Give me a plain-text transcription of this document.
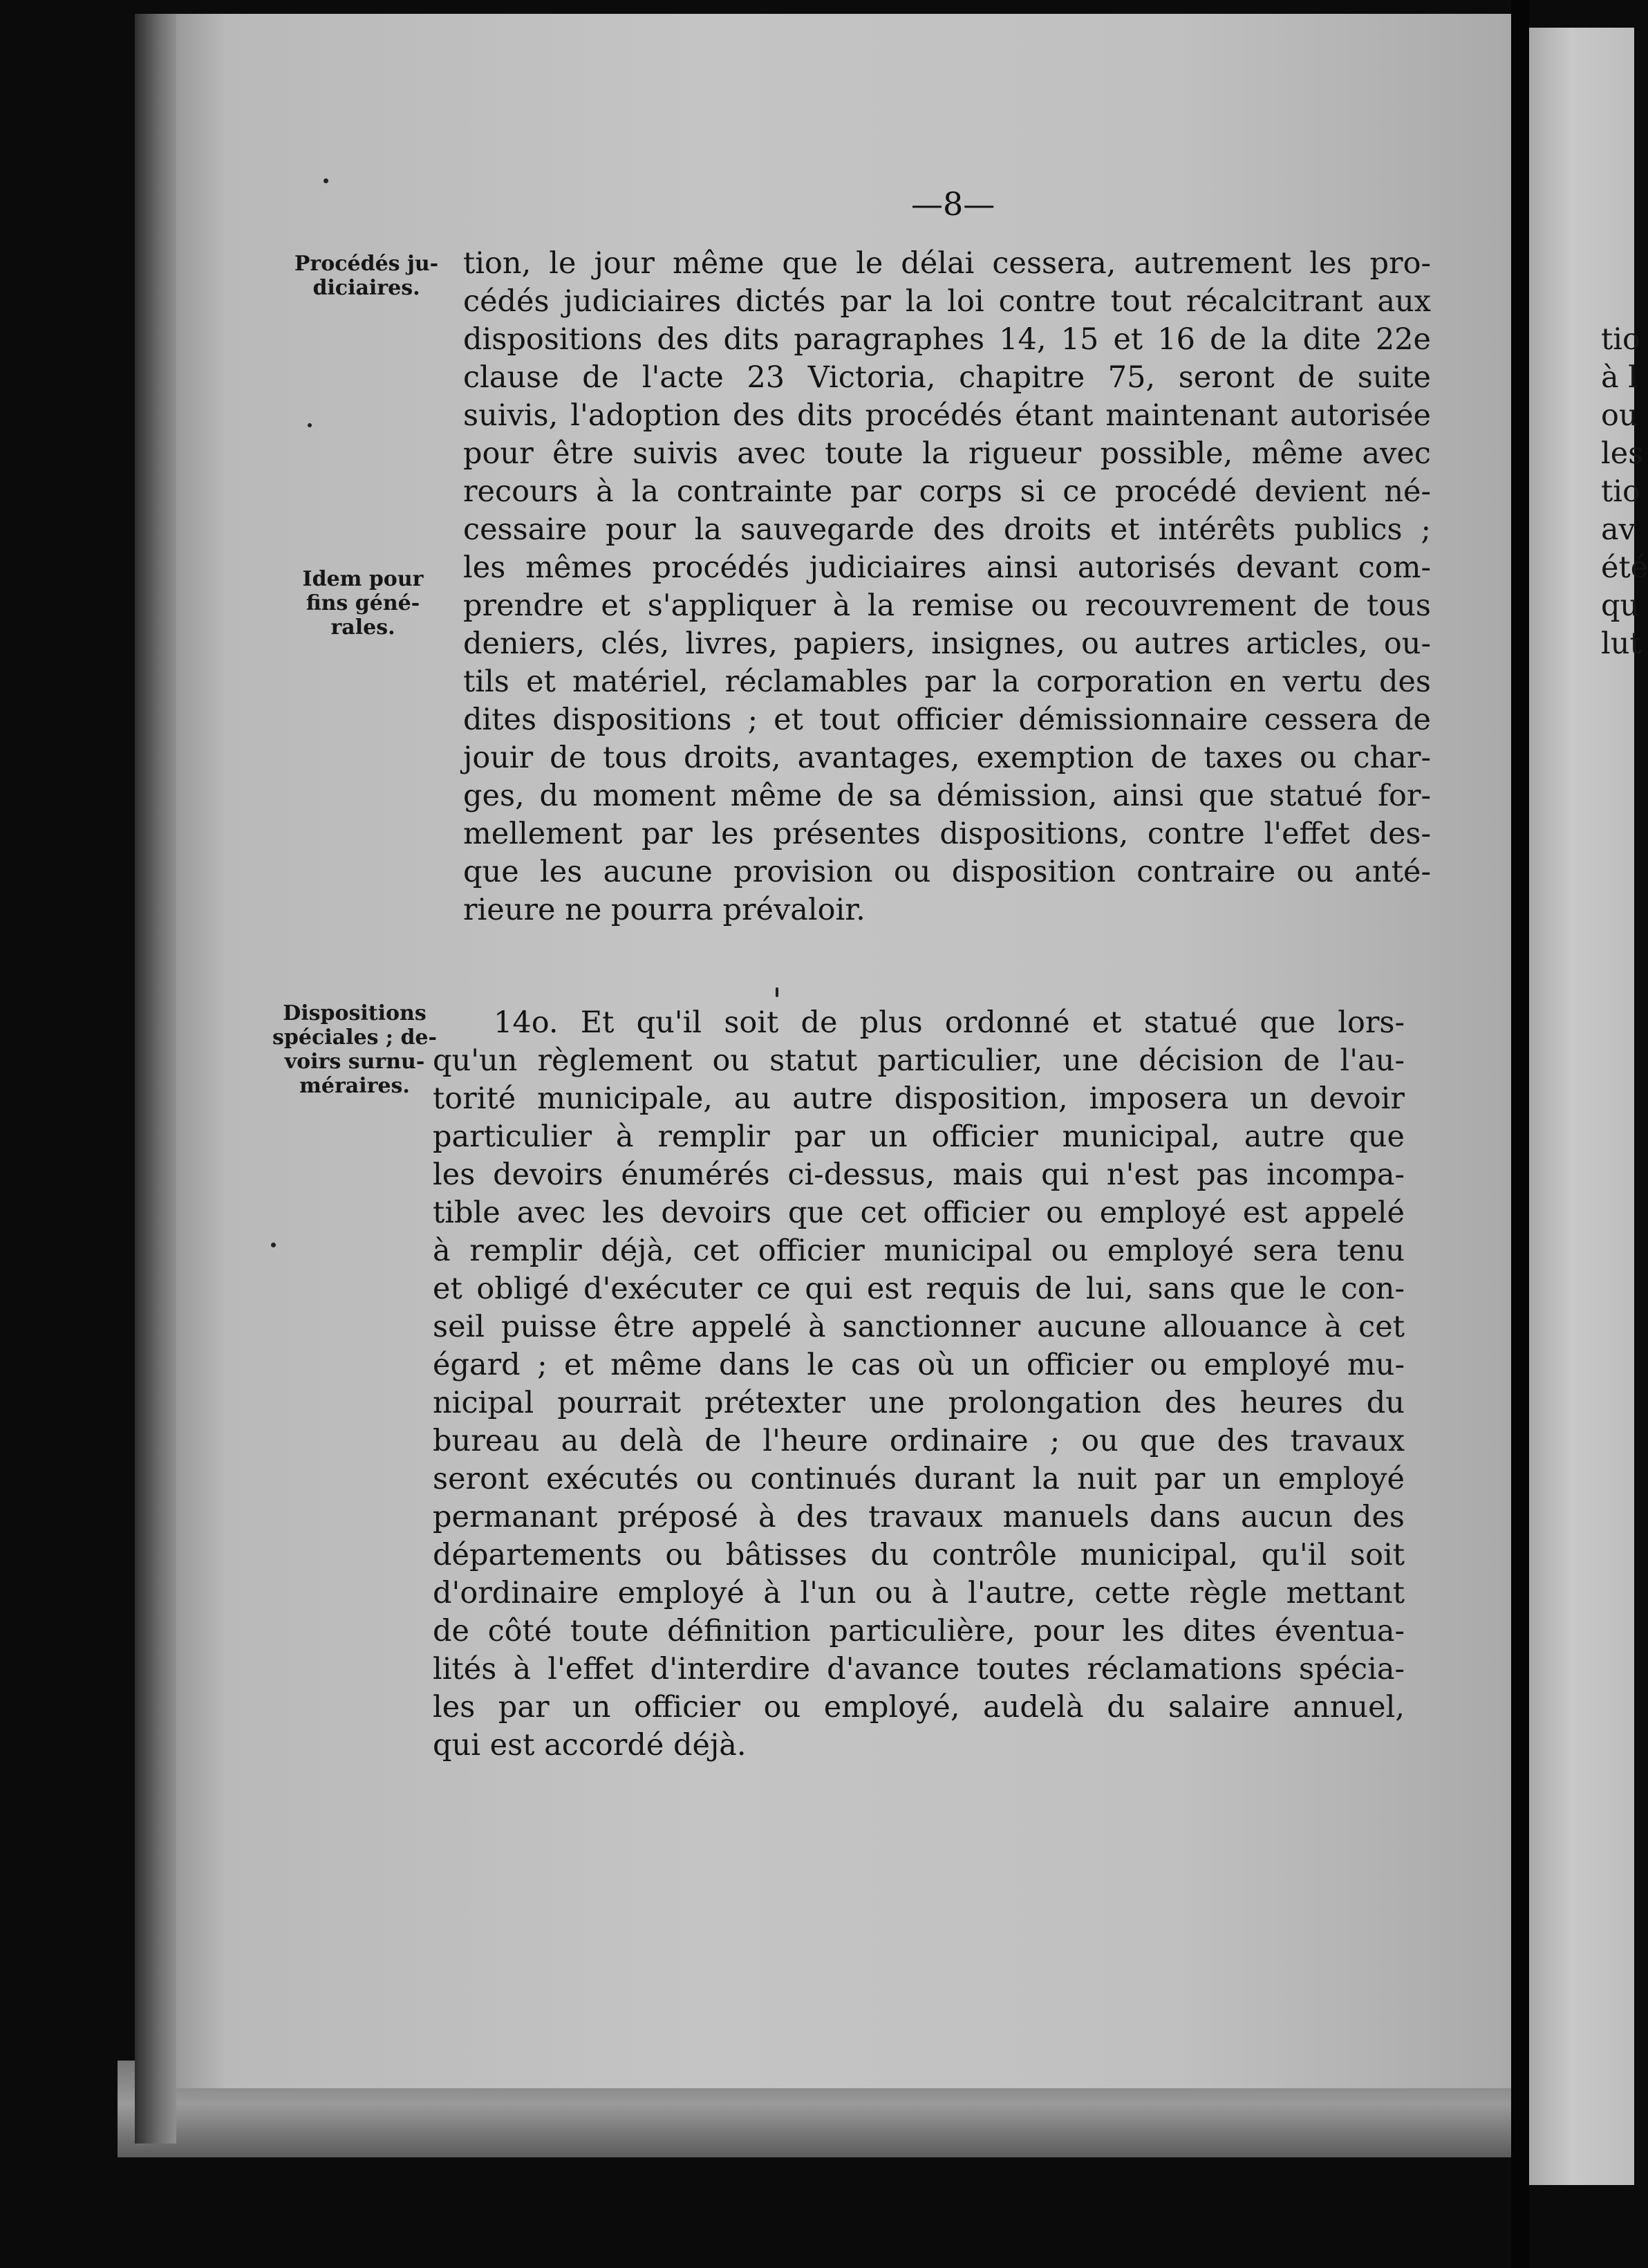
—8—
Procédés ju-
diciaires.
Idem pour
fins géné-
rales.
Dispositions
spéciales ; de-
voirs surnu-
méraires.
tion, le jour même que le délai cessera, autrement les pro-
cédés judiciaires dictés par la loi contre tout récalcitrant aux
dispositions des dits paragraphes 14, 15 et 16 de la dite 22e
clause de l'acte 23 Victoria, chapitre 75, seront de suite
suivis, l'adoption des dits procédés étant maintenant autorisée
pour être suivis avec toute la rigueur possible, même avec
recours à la contrainte par corps si ce procédé devient né-
cessaire pour la sauvegarde des droits et intérêts publics ;
les mêmes procédés judiciaires ainsi autorisés devant com-
prendre et s'appliquer à la remise ou recouvrement de tous
deniers, clés, livres, papiers, insignes, ou autres articles, ou-
tils et matériel, réclamables par la corporation en vertu des
dites dispositions ; et tout officier démissionnaire cessera de
jouir de tous droits, avantages, exemption de taxes ou char-
ges, du moment même de sa démission, ainsi que statué for-
mellement par les présentes dispositions, contre l'effet des-
que les aucune provision ou disposition contraire ou anté-
rieure ne pourra prévaloir.
14o. Et qu'il soit de plus ordonné et statué que lors-
qu'un règlement ou statut particulier, une décision de l'au-
torité municipale, au autre disposition, imposera un devoir
particulier à remplir par un officier municipal, autre que
les devoirs énumérés ci-dessus, mais qui n'est pas incompa-
tible avec les devoirs que cet officier ou employé est appelé
à remplir déjà, cet officier municipal ou employé sera tenu
et obligé d'exécuter ce qui est requis de lui, sans que le con-
seil puisse être appelé à sanctionner aucune allouance à cet
égard ; et même dans le cas où un officier ou employé mu-
nicipal pourrait prétexter une prolongation des heures du
bureau au delà de l'heure ordinaire ; ou que des travaux
seront exécutés ou continués durant la nuit par un employé
permanant préposé à des travaux manuels dans aucun des
départements ou bâtisses du contrôle municipal, qu'il soit
d'ordinaire employé à l'un ou à l'autre, cette règle mettant
de côté toute définition particulière, pour les dites éventua-
lités à l'effet d'interdire d'avance toutes réclamations spécia-
les par un officier ou employé, audelà du salaire annuel,
qui est accordé déjà.
tio
à l
ou
les
tio
av
été
qu
lut
